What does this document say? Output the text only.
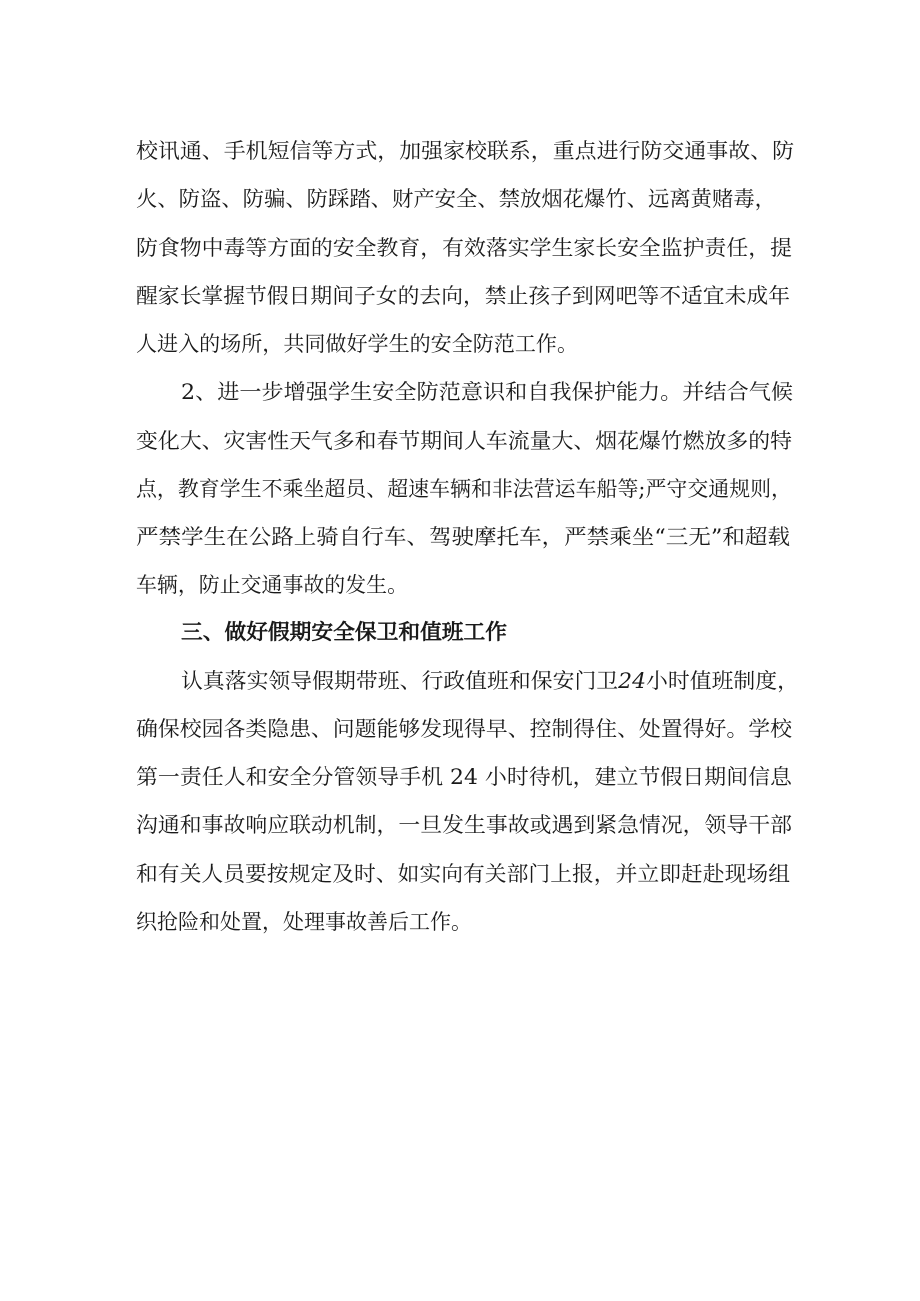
校讯通、手机短信等方式，加强家校联系，重点进行防交通事故、防
火、防盗、防骗、防踩踏、财产安全、禁放烟花爆竹、远离黄赌毒，
防食物中毒等方面的安全教育，有效落实学生家长安全监护责任，提
醒家长掌握节假日期间子女的去向，禁止孩子到网吧等不适宜未成年
人进入的场所，共同做好学生的安全防范工作。
2、进一步增强学生安全防范意识和自我保护能力。并结合气候
变化大、灾害性天气多和春节期间人车流量大、烟花爆竹燃放多的特
点，教育学生不乘坐超员、超速车辆和非法营运车船等;严守交通规则，
严禁学生在公路上骑自行车、驾驶摩托车，严禁乘坐“三无”和超载
车辆，防止交通事故的发生。
三、做好假期安全保卫和值班工作
认真落实领导假期带班、行政值班和保安门卫24小时值班制度，
确保校园各类隐患、问题能够发现得早、控制得住、处置得好。学校
第一责任人和安全分管领导手机 24 小时待机，建立节假日期间信息
沟通和事故响应联动机制，一旦发生事故或遇到紧急情况，领导干部
和有关人员要按规定及时、如实向有关部门上报，并立即赶赴现场组
织抢险和处置，处理事故善后工作。
